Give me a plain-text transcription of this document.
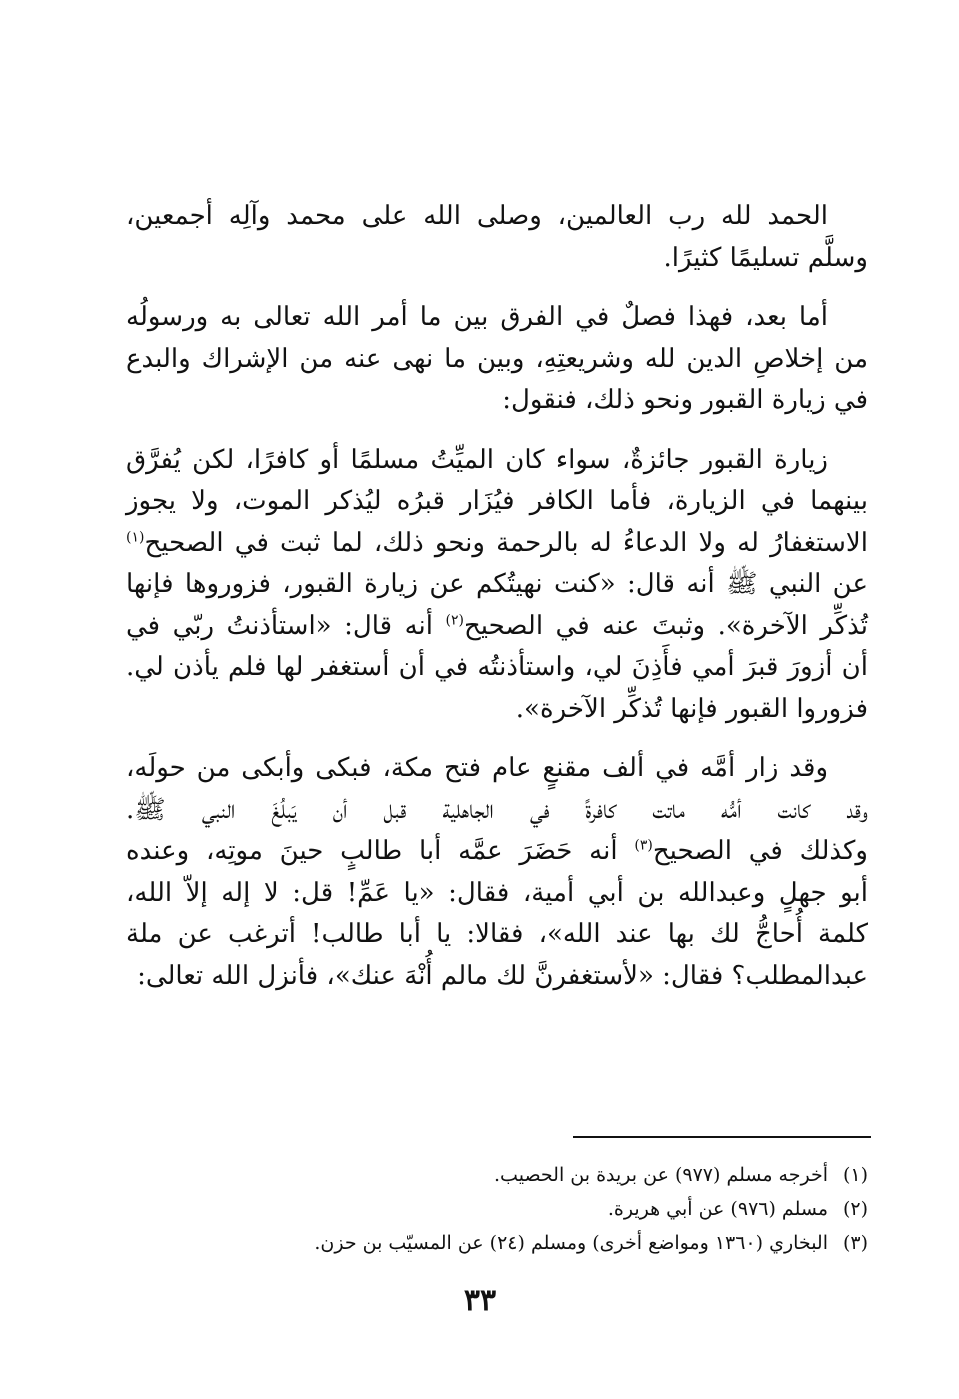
الحمد لله رب العالمين، وصلى الله على محمد وآلِه أجمعين،
وسلَّم تسليمًا كثيرًا.

أما بعد، فهذا فصلٌ في الفرق بين ما أمر الله تعالى به ورسولُه
من إخلاصِ الدين لله وشريعتِهِ، وبين ما نهى عنه من الإشراك والبدع
في زيارة القبور ونحو ذلك، فنقول:

زيارة القبور جائزةٌ، سواء كان الميِّتُ مسلمًا أو كافرًا، لكن يُفرَّق
بينهما في الزيارة، فأما الكافر فيُزَار قبرُه ليُذكر الموت، ولا يجوز
الاستغفارُ له ولا الدعاءُ له بالرحمة ونحو ذلك، لما ثبت في الصحيح$^{(١)}$
عن النبي ﷺ أنه قال: «كنت نهيتُكم عن زيارة القبور، فزوروها فإنها
تُذكِّر الآخرة». وثبتَ عنه في الصحيح$^{(٢)}$ أنه قال: «استأذنتُ ربّي في
أن أزورَ قبرَ أمي فأَذِنَ لي، واستأذنتُه في أن أستغفر لها فلم يأذن لي.
فزوروا القبور فإنها تُذكِّر الآخرة».

وقد زار أمَّه في ألف مقنعٍ عام فتح مكة، فبكى وأبكى من حولَه،
وقد كانت أمُّه ماتت كافرةً في الجاهلية قبل أن يَبلُغَ النبي ﷺ.
وكذلك في الصحيح$^{(٣)}$ أنه حَضَرَ عمَّه أبا طالبٍ حينَ موتِه، وعنده
أبو جهلٍ وعبدالله بن أبي أمية، فقال: «يا عَمِّ! قل: لا إله إلاّ الله،
كلمة أُحاجُّ لك بها عند الله»، فقالا: يا أبا طالب! أترغب عن ملة
عبدالمطلب؟ فقال: «لأستغفرنَّ لك مالم أُنْهَ عنك»، فأنزل الله تعالى:

(١)أخرجه مسلم (٩٧٧) عن بريدة بن الحصيب.
(٢)مسلم (٩٧٦) عن أبي هريرة.
(٣)البخاري (١٣٦٠ ومواضع أخرى) ومسلم (٢٤) عن المسيّب بن حزن.
٣٣
